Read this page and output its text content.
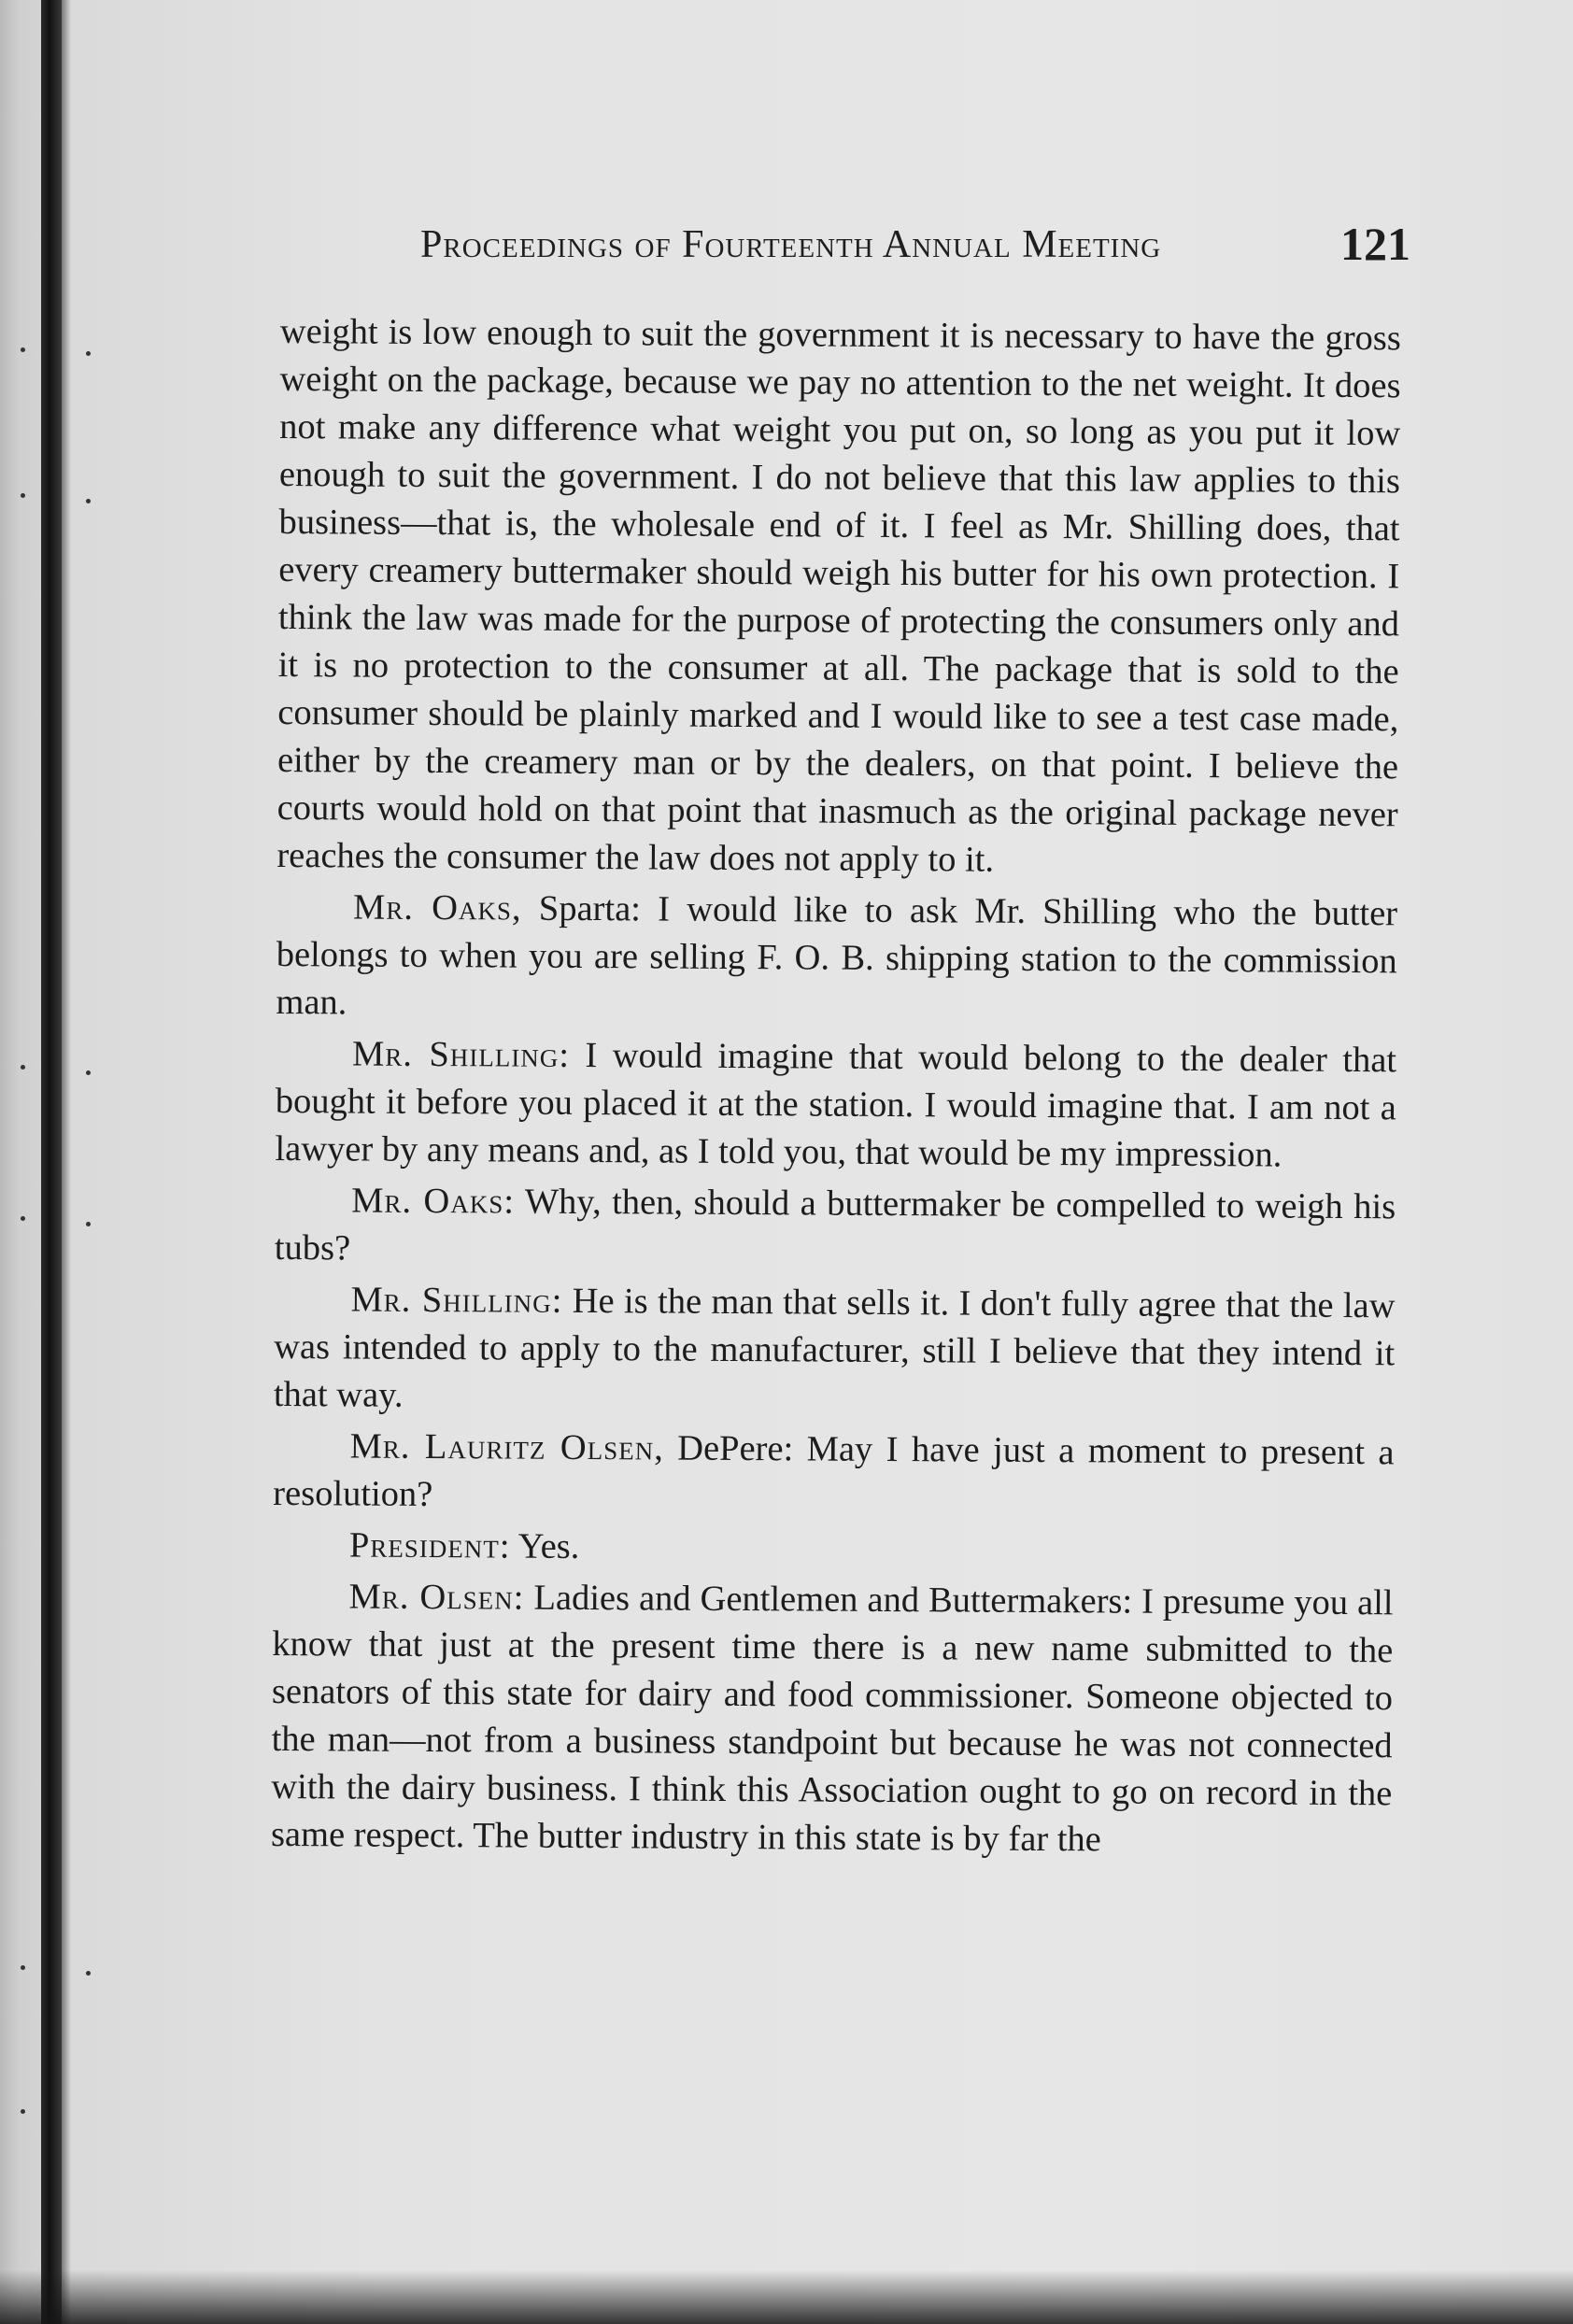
Proceedings of Fourteenth Annual Meeting	121

weight is low enough to suit the government it is necessary to have the gross weight on the package, because we pay no attention to the net weight. It does not make any difference what weight you put on, so long as you put it low enough to suit the government. I do not believe that this law applies to this business—that is, the wholesale end of it. I feel as Mr. Shilling does, that every creamery buttermaker should weigh his butter for his own protection. I think the law was made for the purpose of protecting the consumers only and it is no protection to the consumer at all. The package that is sold to the consumer should be plainly marked and I would like to see a test case made, either by the creamery man or by the dealers, on that point. I believe the courts would hold on that point that inasmuch as the original package never reaches the consumer the law does not apply to it.

Mr. Oaks, Sparta: I would like to ask Mr. Shilling who the butter belongs to when you are selling F. O. B. shipping station to the commission man.

Mr. Shilling: I would imagine that would belong to the dealer that bought it before you placed it at the station. I would imagine that. I am not a lawyer by any means and, as I told you, that would be my impression.

Mr. Oaks: Why, then, should a buttermaker be compelled to weigh his tubs?

Mr. Shilling: He is the man that sells it. I don't fully agree that the law was intended to apply to the manufacturer, still I believe that they intend it that way.

Mr. Lauritz Olsen, DePere: May I have just a moment to present a resolution?

President: Yes.

Mr. Olsen: Ladies and Gentlemen and Buttermakers: I presume you all know that just at the present time there is a new name submitted to the senators of this state for dairy and food commissioner. Someone objected to the man—not from a business standpoint but because he was not connected with the dairy business. I think this Association ought to go on record in the same respect. The butter industry in this state is by far the
